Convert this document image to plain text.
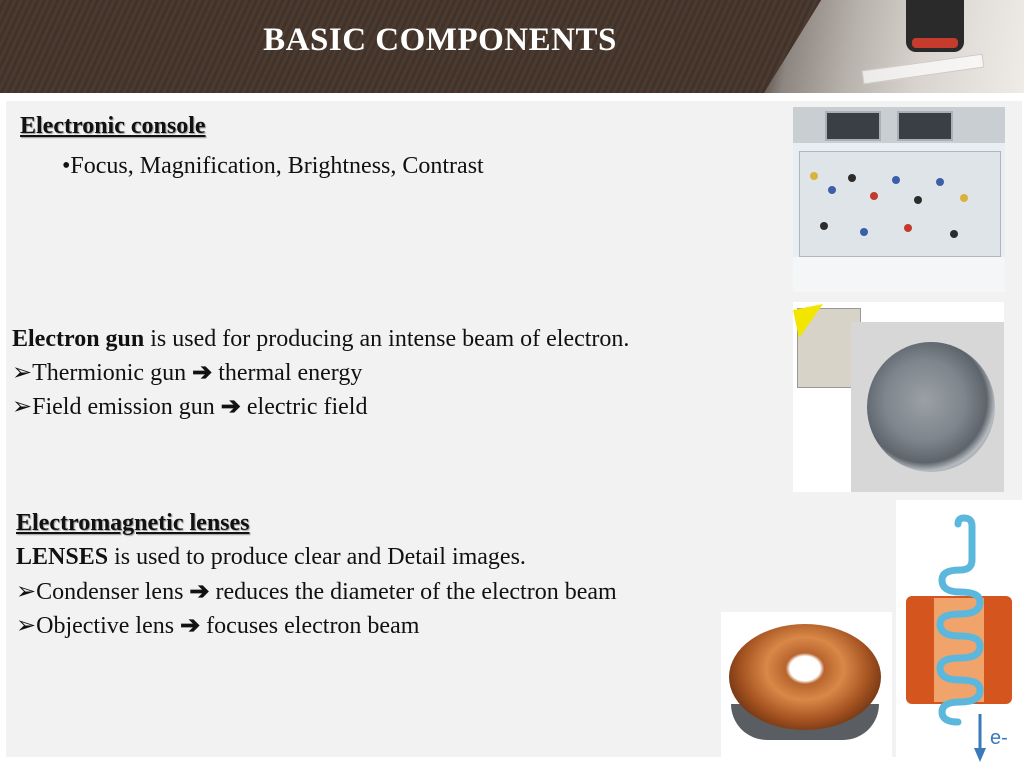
BASIC COMPONENTS
Electronic console
•Focus, Magnification, Brightness, Contrast
Electron gun is used for producing an intense beam of electron.
➢Thermionic gun ➔ thermal energy
➢Field emission gun ➔ electric field
Electromagnetic lenses
LENSES is used to produce clear and Detail images.
➢Condenser lens ➔ reduces the diameter of the electron beam
➢Objective lens ➔ focuses electron beam
e-
